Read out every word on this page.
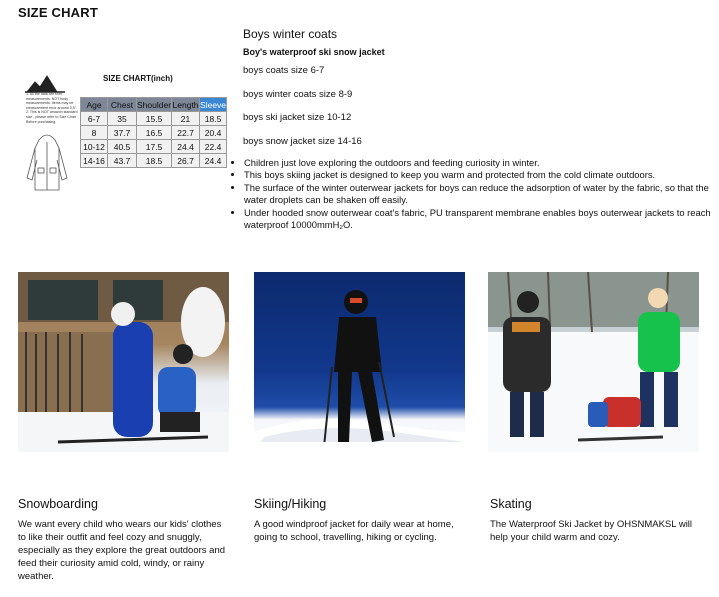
SIZE CHART
SIZE CHART(inch)
1. All the data are shirt measurements. NOT body measurements. Items may be measurement error around 0.5". 2. This is NOT amazon standard size , please refer to Size Chart Before purchasing.
Age	Chest	Shoulder	Length	Sleeve
6-7	35	15.5	21	18.5
8	37.7	16.5	22.7	20.4
10-12	40.5	17.5	24.4	22.4
14-16	43.7	18.5	26.7	24.4
Boys winter coats
Boy's waterproof ski snow jacket
boys coats size 6-7
boys winter coats size 8-9
boys ski jacket size 10-12
boys snow jacket size 14-16
• Children just love exploring the outdoors and feeding curiosity in winter.
• This boys skiing jacket is designed to keep you warm and protected from the cold climate outdoors.
• The surface of the winter outerwear jackets for boys can reduce the adsorption of water by the fabric, so that the water droplets can be shaken off easily.
• Under hooded snow outerwear coat's fabric, PU transparent membrane enables boys outerwear jackets to reach waterproof 10000mmH₂O.
Snowboarding
We want every child who wears our kids' clothes to like their outfit and feel cozy and snuggly, especially as they explore the great outdoors and feed their curiosity amid cold, windy, or rainy weather.
Skiing/Hiking
A good windproof jacket for daily wear at home, going to school, travelling, hiking or cycling.
Skating
The Waterproof Ski Jacket by OHSNMAKSL will help your child warm and cozy.
